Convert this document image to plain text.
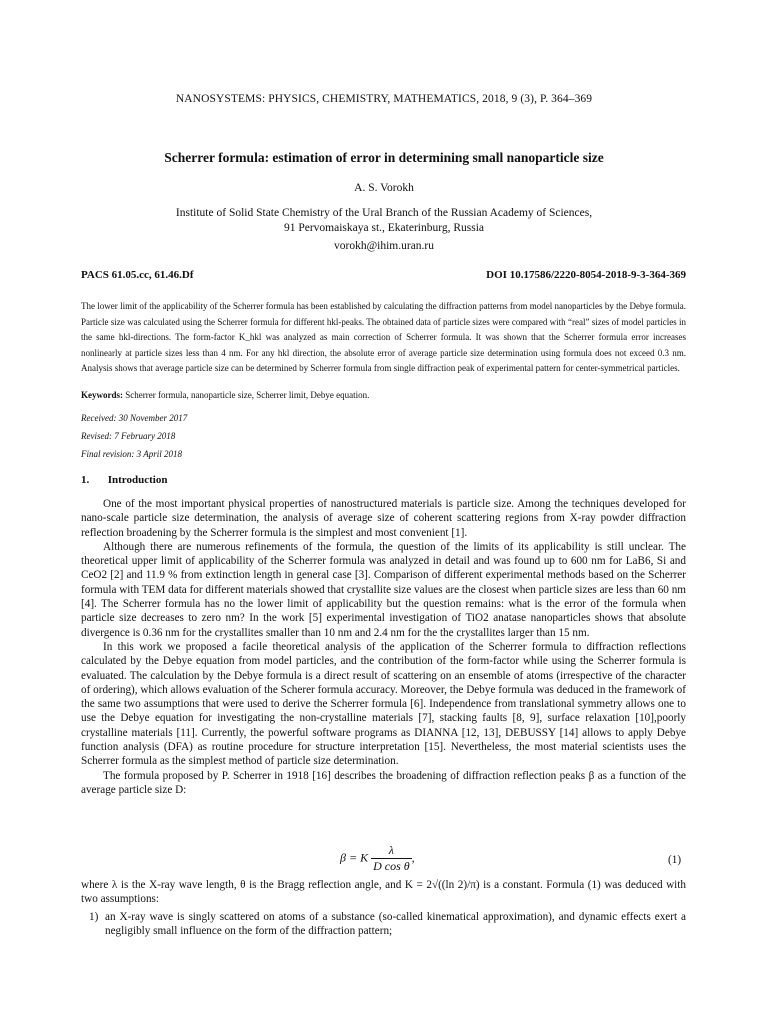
NANOSYSTEMS: PHYSICS, CHEMISTRY, MATHEMATICS, 2018, 9 (3), P. 364–369
Scherrer formula: estimation of error in determining small nanoparticle size
A. S. Vorokh
Institute of Solid State Chemistry of the Ural Branch of the Russian Academy of Sciences,
91 Pervomaiskaya st., Ekaterinburg, Russia
vorokh@ihim.uran.ru
PACS 61.05.cc, 61.46.Df	DOI 10.17586/2220-8054-2018-9-3-364-369
The lower limit of the applicability of the Scherrer formula has been established by calculating the diffraction patterns from model nanoparticles by the Debye formula. Particle size was calculated using the Scherrer formula for different hkl-peaks. The obtained data of particle sizes were compared with “real” sizes of model particles in the same hkl-directions. The form-factor K_hkl was analyzed as main correction of Scherrer formula. It was shown that the Scherrer formula error increases nonlinearly at particle sizes less than 4 nm. For any hkl direction, the absolute error of average particle size determination using formula does not exceed 0.3 nm. Analysis shows that average particle size can be determined by Scherrer formula from single diffraction peak of experimental pattern for center-symmetrical particles.
Keywords: Scherrer formula, nanoparticle size, Scherrer limit, Debye equation.
Received: 30 November 2017
Revised: 7 February 2018
Final revision: 3 April 2018
1. Introduction

One of the most important physical properties of nanostructured materials is particle size. Among the techniques developed for nano-scale particle size determination, the analysis of average size of coherent scattering regions from X-ray powder diffraction reflection broadening by the Scherrer formula is the simplest and most convenient [1].

Although there are numerous refinements of the formula, the question of the limits of its applicability is still unclear. The theoretical upper limit of applicability of the Scherrer formula was analyzed in detail and was found up to 600 nm for LaB6, Si and CeO2 [2] and 11.9 % from extinction length in general case [3]. Comparison of different experimental methods based on the Scherrer formula with TEM data for different materials showed that crystallite size values are the closest when particle sizes are less than 60 nm [4]. The Scherrer formula has no the lower limit of applicability but the question remains: what is the error of the formula when particle size decreases to zero nm? In the work [5] experimental investigation of TiO2 anatase nanoparticles shows that absolute divergence is 0.36 nm for the crystallites smaller than 10 nm and 2.4 nm for the the crystallites larger than 15 nm.

In this work we proposed a facile theoretical analysis of the application of the Scherrer formula to diffraction reflections calculated by the Debye equation from model particles, and the contribution of the form-factor while using the Scherrer formula is evaluated. The calculation by the Debye formula is a direct result of scattering on an ensemble of atoms (irrespective of the character of ordering), which allows evaluation of the Scherer formula accuracy. Moreover, the Debye formula was deduced in the framework of the same two assumptions that were used to derive the Scherrer formula [6]. Independence from translational symmetry allows one to use the Debye equation for investigating the non-crystalline materials [7], stacking faults [8, 9], surface relaxation [10],poorly crystalline materials [11]. Currently, the powerful software programs as DIANNA [12, 13], DEBUSSY [14] allows to apply Debye function analysis (DFA) as routine procedure for structure interpretation [15]. Nevertheless, the most material scientists uses the Scherrer formula as the simplest method of particle size determination.

The formula proposed by P. Scherrer in 1918 [16] describes the broadening of diffraction reflection peaks β as a function of the average particle size D:

β = K $\frac{\lambda}{\text{D cos θ}}$ ,	(1)
where λ is the X-ray wave length, θ is the Bragg reflection angle, and K = 2√((ln 2)/π) is a constant. Formula (1) was deduced with two assumptions:
1) an X-ray wave is singly scattered on atoms of a substance (so-called kinematical approximation), and dynamic effects exert a negligibly small influence on the form of the diffraction pattern;
